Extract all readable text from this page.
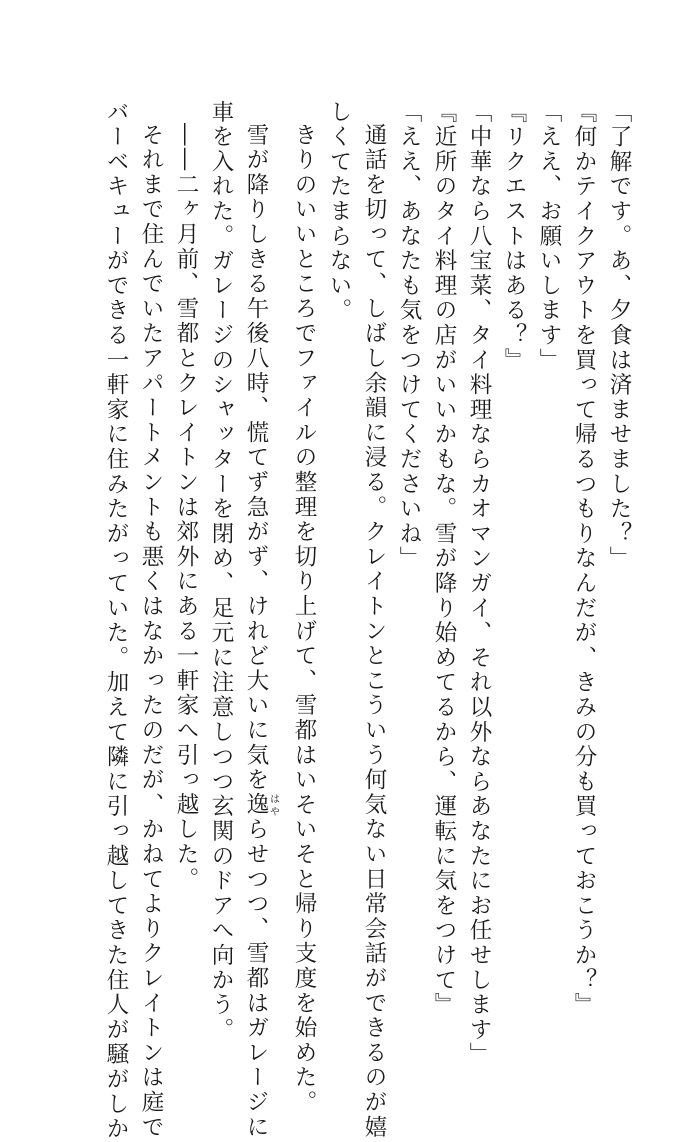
「了解です。あ、夕食は済ませました？」
『何かテイクアウトを買って帰るつもりなんだが、きみの分も買っておこうか？』
「ええ、お願いします」
『リクエストはある？』
「中華なら八宝菜、タイ料理ならカオマンガイ、それ以外ならあなたにお任せします」
『近所のタイ料理の店がいいかもな。雪が降り始めてるから、運転に気をつけて』
「ええ、あなたも気をつけてくださいね」
通話を切って、しばし余韻に浸る。クレイトンとこういう何気ない日常会話ができるのが嬉
しくてたまらない。
きりのいいところでファイルの整理を切り上げて、雪都はいそいそと帰り支度を始めた。
雪が降りしきる午後八時、慌てず急がず、けれど大いに気を逸はやらせつつ、雪都はガレージに
車を入れた。ガレージのシャッターを閉め、足元に注意しつつ玄関のドアへ向かう。
――二ヶ月前、雪都とクレイトンは郊外にある一軒家へ引っ越した。
それまで住んでいたアパートメントも悪くはなかったのだが、かねてよりクレイトンは庭で
バーベキューができる一軒家に住みたがっていた。加えて隣に引っ越してきた住人が騒がしか
